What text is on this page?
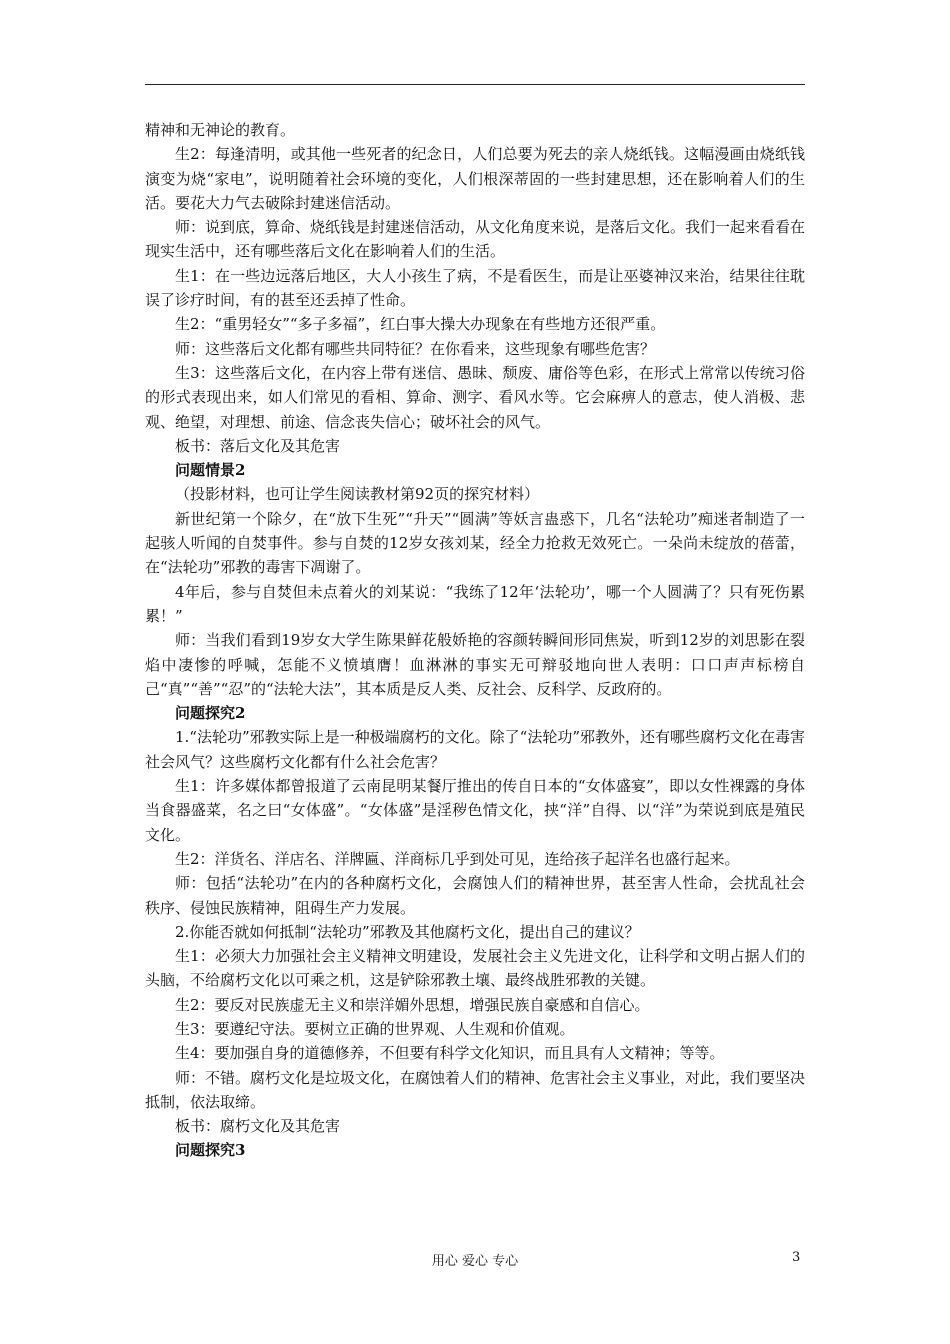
精神和无神论的教育。

生2：每逢清明，或其他一些死者的纪念日，人们总要为死去的亲人烧纸钱。这幅漫画由烧纸钱演变为烧“家电”，说明随着社会环境的变化，人们根深蒂固的一些封建思想，还在影响着人们的生活。要花大力气去破除封建迷信活动。

师：说到底，算命、烧纸钱是封建迷信活动，从文化角度来说，是落后文化。我们一起来看看在现实生活中，还有哪些落后文化在影响着人们的生活。

生1：在一些边远落后地区，大人小孩生了病，不是看医生，而是让巫婆神汉来治，结果往往耽误了诊疗时间，有的甚至还丢掉了性命。

生2：“重男轻女”“多子多福”，红白事大操大办现象在有些地方还很严重。

师：这些落后文化都有哪些共同特征？在你看来，这些现象有哪些危害？

生3：这些落后文化，在内容上带有迷信、愚昧、颓废、庸俗等色彩，在形式上常常以传统习俗的形式表现出来，如人们常见的看相、算命、测字、看风水等。它会麻痹人的意志，使人消极、悲观、绝望，对理想、前途、信念丧失信心；破坏社会的风气。

板书：落后文化及其危害

问题情景2

（投影材料，也可让学生阅读教材第92页的探究材料）

新世纪第一个除夕，在“放下生死”“升天”“圆满”等妖言蛊惑下，几名“法轮功”痴迷者制造了一起骇人听闻的自焚事件。参与自焚的12岁女孩刘某，经全力抢救无效死亡。一朵尚未绽放的蓓蕾，在“法轮功”邪教的毒害下凋谢了。

4年后，参与自焚但未点着火的刘某说：“我练了12年‘法轮功’，哪一个人圆满了？只有死伤累累！”

师：当我们看到19岁女大学生陈果鲜花般娇艳的容颜转瞬间形同焦炭，听到12岁的刘思影在裂焰中凄惨的呼喊，怎能不义愤填膺！血淋淋的事实无可辩驳地向世人表明：口口声声标榜自己“真”“善”“忍”的“法轮大法”，其本质是反人类、反社会、反科学、反政府的。

问题探究2

1.“法轮功”邪教实际上是一种极端腐朽的文化。除了“法轮功”邪教外，还有哪些腐朽文化在毒害社会风气？这些腐朽文化都有什么社会危害？

生1：许多媒体都曾报道了云南昆明某餐厅推出的传自日本的“女体盛宴”，即以女性裸露的身体当食器盛菜，名之曰“女体盛”。“女体盛”是淫秽色情文化，挟“洋”自得、以“洋”为荣说到底是殖民文化。

生2：洋货名、洋店名、洋牌匾、洋商标几乎到处可见，连给孩子起洋名也盛行起来。

师：包括“法轮功”在内的各种腐朽文化，会腐蚀人们的精神世界，甚至害人性命，会扰乱社会秩序、侵蚀民族精神，阻碍生产力发展。

2.你能否就如何抵制“法轮功”邪教及其他腐朽文化，提出自己的建议？

生1：必须大力加强社会主义精神文明建设，发展社会主义先进文化，让科学和文明占据人们的头脑，不给腐朽文化以可乘之机，这是铲除邪教土壤、最终战胜邪教的关键。

生2：要反对民族虚无主义和崇洋媚外思想，增强民族自豪感和自信心。

生3：要遵纪守法。要树立正确的世界观、人生观和价值观。

生4：要加强自身的道德修养，不但要有科学文化知识，而且具有人文精神；等等。

师：不错。腐朽文化是垃圾文化，在腐蚀着人们的精神、危害社会主义事业，对此，我们要坚决抵制，依法取缔。

板书：腐朽文化及其危害

问题探究3

用心 爱心 专心	3
